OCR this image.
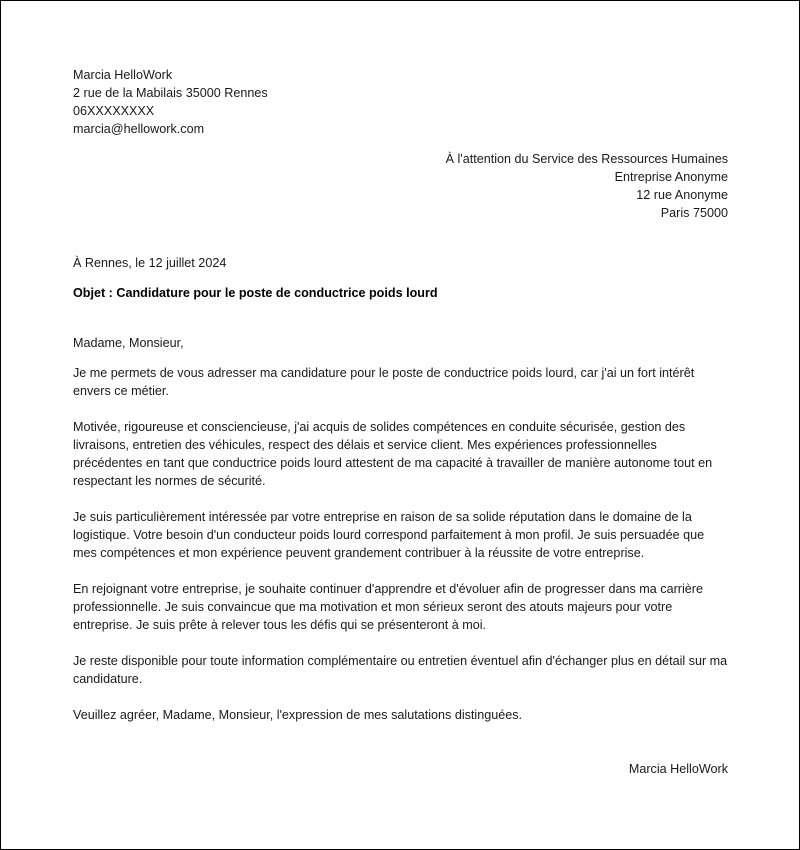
Marcia HelloWork
2 rue de la Mabilais 35000 Rennes
06XXXXXXXX
marcia@hellowork.com
À l'attention du Service des Ressources Humaines
Entreprise Anonyme
12 rue Anonyme
Paris 75000
À Rennes, le 12 juillet 2024
Objet : Candidature pour le poste de conductrice poids lourd
Madame, Monsieur,
Je me permets de vous adresser ma candidature pour le poste de conductrice poids lourd, car j'ai un fort intérêt envers ce métier.
Motivée, rigoureuse et consciencieuse, j'ai acquis de solides compétences en conduite sécurisée, gestion des livraisons, entretien des véhicules, respect des délais et service client. Mes expériences professionnelles précédentes en tant que conductrice poids lourd attestent de ma capacité à travailler de manière autonome tout en respectant les normes de sécurité.
Je suis particulièrement intéressée par votre entreprise en raison de sa solide réputation dans le domaine de la logistique. Votre besoin d'un conducteur poids lourd correspond parfaitement à mon profil. Je suis persuadée que mes compétences et mon expérience peuvent grandement contribuer à la réussite de votre entreprise.
En rejoignant votre entreprise, je souhaite continuer d'apprendre et d'évoluer afin de progresser dans ma carrière professionnelle. Je suis convaincue que ma motivation et mon sérieux seront des atouts majeurs pour votre entreprise. Je suis prête à relever tous les défis qui se présenteront à moi.
Je reste disponible pour toute information complémentaire ou entretien éventuel afin d'échanger plus en détail sur ma candidature.
Veuillez agréer, Madame, Monsieur, l'expression de mes salutations distinguées.
Marcia HelloWork
